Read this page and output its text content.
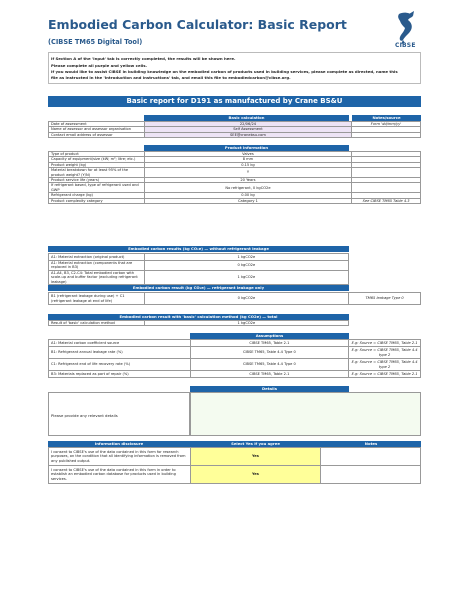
Embodied Carbon Calculator: Basic Report
(CIBSE TM65 Digital Tool)	CIBSE
If Section A of the 'Input' tab is correctly completed, the results will be shown here.
Please complete all purple and yellow cells.
If you would like to assist CIBSE in building knowledge on the embodied carbon of products used in building services, please complete as directed, name this
file as instructed in the 'Introduction and instructions' tab, and email this file to embodiedcarbon@cibse.org.
Basic report for D191 as manufactured by Crane BS&U
Basic calculation	Notes/source
Date of assessment	22/06/24	Form 'dd/mm/yy'
Name of assessor and assessor organisation	Self Assessment	
Contact email address of assessor	SEE@cranebsu.com	
Product information
Type of product	Valves	
Capacity of equipment/size (kW; m²; litre; etc.)	8 mm	
Product weight (kg)	0.15 kg	
Material breakdown for at least 95% of the product weight? (Y/N)	Y	
Product service life (years)	20 Years	
If refrigerant based, type of refrigerant used and GWP	No refrigerant, 0 kgCO2e	
Refrigerant charge (kg)	0.00 kg	
Product complexity category	Category 1	See CIBSE TM65 Table 4.3
Embodied carbon results (kg CO₂e) — without refrigerant leakage
A1: Material extraction (original product)	1 kgCO2e
A1: Material extraction (components that are replaced in B3)	0 kgCO2e
A1-A4, B3, C2-C4: Total embodied carbon with scale-up and buffer factor (excluding refrigerant leakage)	1 kgCO2e
Embodied carbon result (kg CO₂e) — refrigerant leakage only
B1 (refrigerant leakage during use) + C1 (refrigerant leakage at end of life)	0 kgCO2e	TM65 leakage Type 0
Embodied carbon result with 'basic' calculation method (kg CO2e) — total
Result of 'basic' calculation method	1 kgCO2e
Assumptions
A1: Material carbon coefficient source	CIBSE TM65, Table 2.1	E.g: Source = CIBSE TM65, Table 2.1
B1: Refrigerant annual leakage rate (%)	CIBSE TM65, Table 4.4 Type 0	E.g: Source = CIBSE TM65, Table 4.4 type 2
C1: Refrigerant end of life recovery rate (%)	CIBSE TM65, Table 4.4 Type 0	E.g: Source = CIBSE TM65, Table 4.4 type 2
B3: Materials replaced as part of repair (%)	CIBSE TM65, Table 2.1	E.g: Source = CIBSE TM65, Table 2.1
Details
Please provide any relevant details
Information disclosure	Select Yes if you agree	Notes
I consent to CIBSE's use of the data contained in this form for research purposes, on the condition that all identifying information is removed from any published output.	Yes	
I consent to CIBSE's use of the data contained in this form in order to establish an embodied carbon database for products used in building services.	Yes	
